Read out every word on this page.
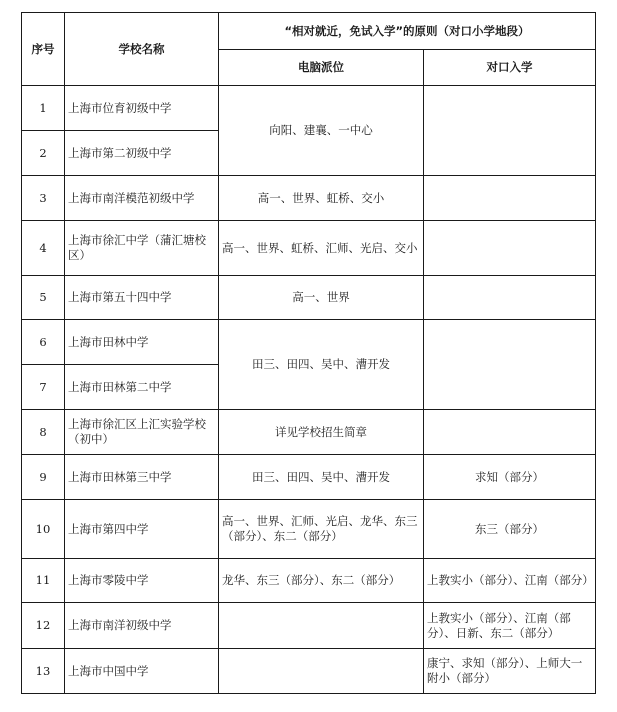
序号	学校名称	“相对就近，免试入学”的原则（对口小学地段）	
		电脑派位	对口入学
1	上海市位育初级中学	向阳、建襄、一中心	
2	上海市第二初级中学		
3	上海市南洋模范初级中学	高一、世界、虹桥、交小	
4	上海市徐汇中学（蒲汇塘校区）	高一、世界、虹桥、汇师、光启、交小	
5	上海市第五十四中学	高一、世界	
6	上海市田林中学	田三、田四、吴中、漕开发	
7	上海市田林第二中学		
8	上海市徐汇区上汇实验学校（初中）	详见学校招生简章	
9	上海市田林第三中学	田三、田四、吴中、漕开发	求知（部分）
10	上海市第四中学	高一、世界、汇师、光启、龙华、东三（部分）、东二（部分）	东三（部分）
11	上海市零陵中学	龙华、东三（部分）、东二（部分）	上教实小（部分）、江南（部分）
12	上海市南洋初级中学		上教实小（部分）、江南（部分）、日新、东二（部分）
13	上海市中国中学		康宁、求知（部分）、上师大一附小（部分）
